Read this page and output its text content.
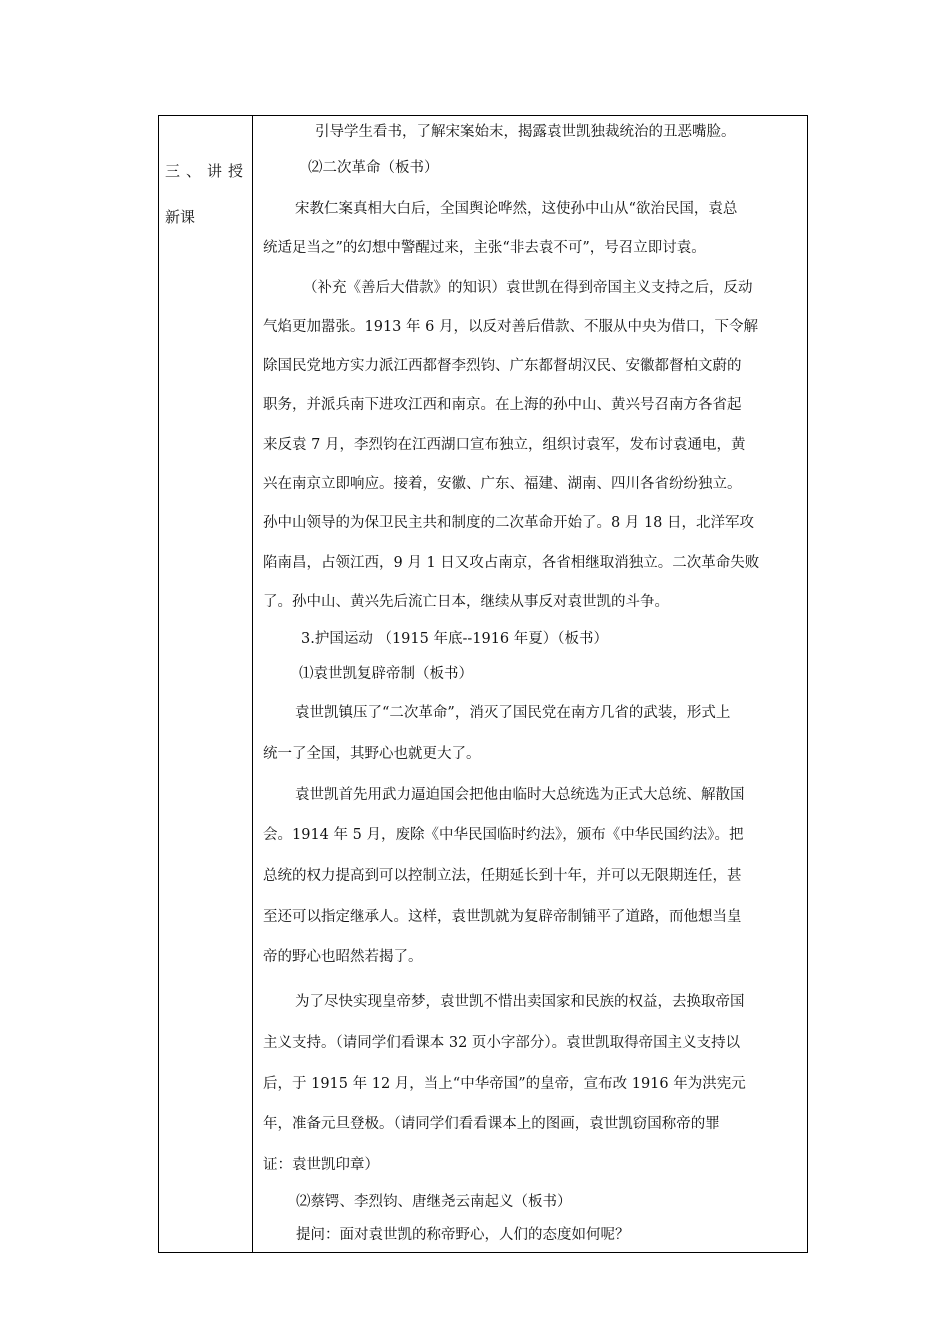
三、讲授
新课
引导学生看书，了解宋案始末，揭露袁世凯独裁统治的丑恶嘴脸。
⑵二次革命（板书）
宋教仁案真相大白后，全国舆论哗然，这使孙中山从“欲治民国，袁总
统适足当之”的幻想中警醒过来，主张“非去袁不可”，号召立即讨袁。
（补充《善后大借款》的知识）袁世凯在得到帝国主义支持之后，反动
气焰更加嚣张。1913 年 6 月，以反对善后借款、不服从中央为借口，下令解
除国民党地方实力派江西都督李烈钧、广东都督胡汉民、安徽都督柏文蔚的
职务，并派兵南下进攻江西和南京。在上海的孙中山、黄兴号召南方各省起
来反袁 7 月，李烈钧在江西湖口宣布独立，组织讨袁军，发布讨袁通电，黄
兴在南京立即响应。接着，安徽、广东、福建、湖南、四川各省纷纷独立。
孙中山领导的为保卫民主共和制度的二次革命开始了。8 月 18 日，北洋军攻
陷南昌，占领江西，9 月 1 日又攻占南京，各省相继取消独立。二次革命失败
了。孙中山、黄兴先后流亡日本，继续从事反对袁世凯的斗争。
3.护国运动 （1915 年底--1916 年夏）（板书）
⑴袁世凯复辟帝制（板书）
袁世凯镇压了“二次革命”，消灭了国民党在南方几省的武装，形式上
统一了全国，其野心也就更大了。
袁世凯首先用武力逼迫国会把他由临时大总统选为正式大总统、解散国
会。1914 年 5 月，废除《中华民国临时约法》，颁布《中华民国约法》。把
总统的权力提高到可以控制立法，任期延长到十年，并可以无限期连任，甚
至还可以指定继承人。这样，袁世凯就为复辟帝制铺平了道路，而他想当皇
帝的野心也昭然若揭了。
为了尽快实现皇帝梦，袁世凯不惜出卖国家和民族的权益，去换取帝国
主义支持。（请同学们看课本 32 页小字部分）。袁世凯取得帝国主义支持以
后，于 1915 年 12 月，当上“中华帝国”的皇帝，宣布改 1916 年为洪宪元
年，准备元旦登极。（请同学们看看课本上的图画，袁世凯窃国称帝的罪
证：袁世凯印章）
⑵蔡锷、李烈钧、唐继尧云南起义（板书）
提问：面对袁世凯的称帝野心，人们的态度如何呢？
